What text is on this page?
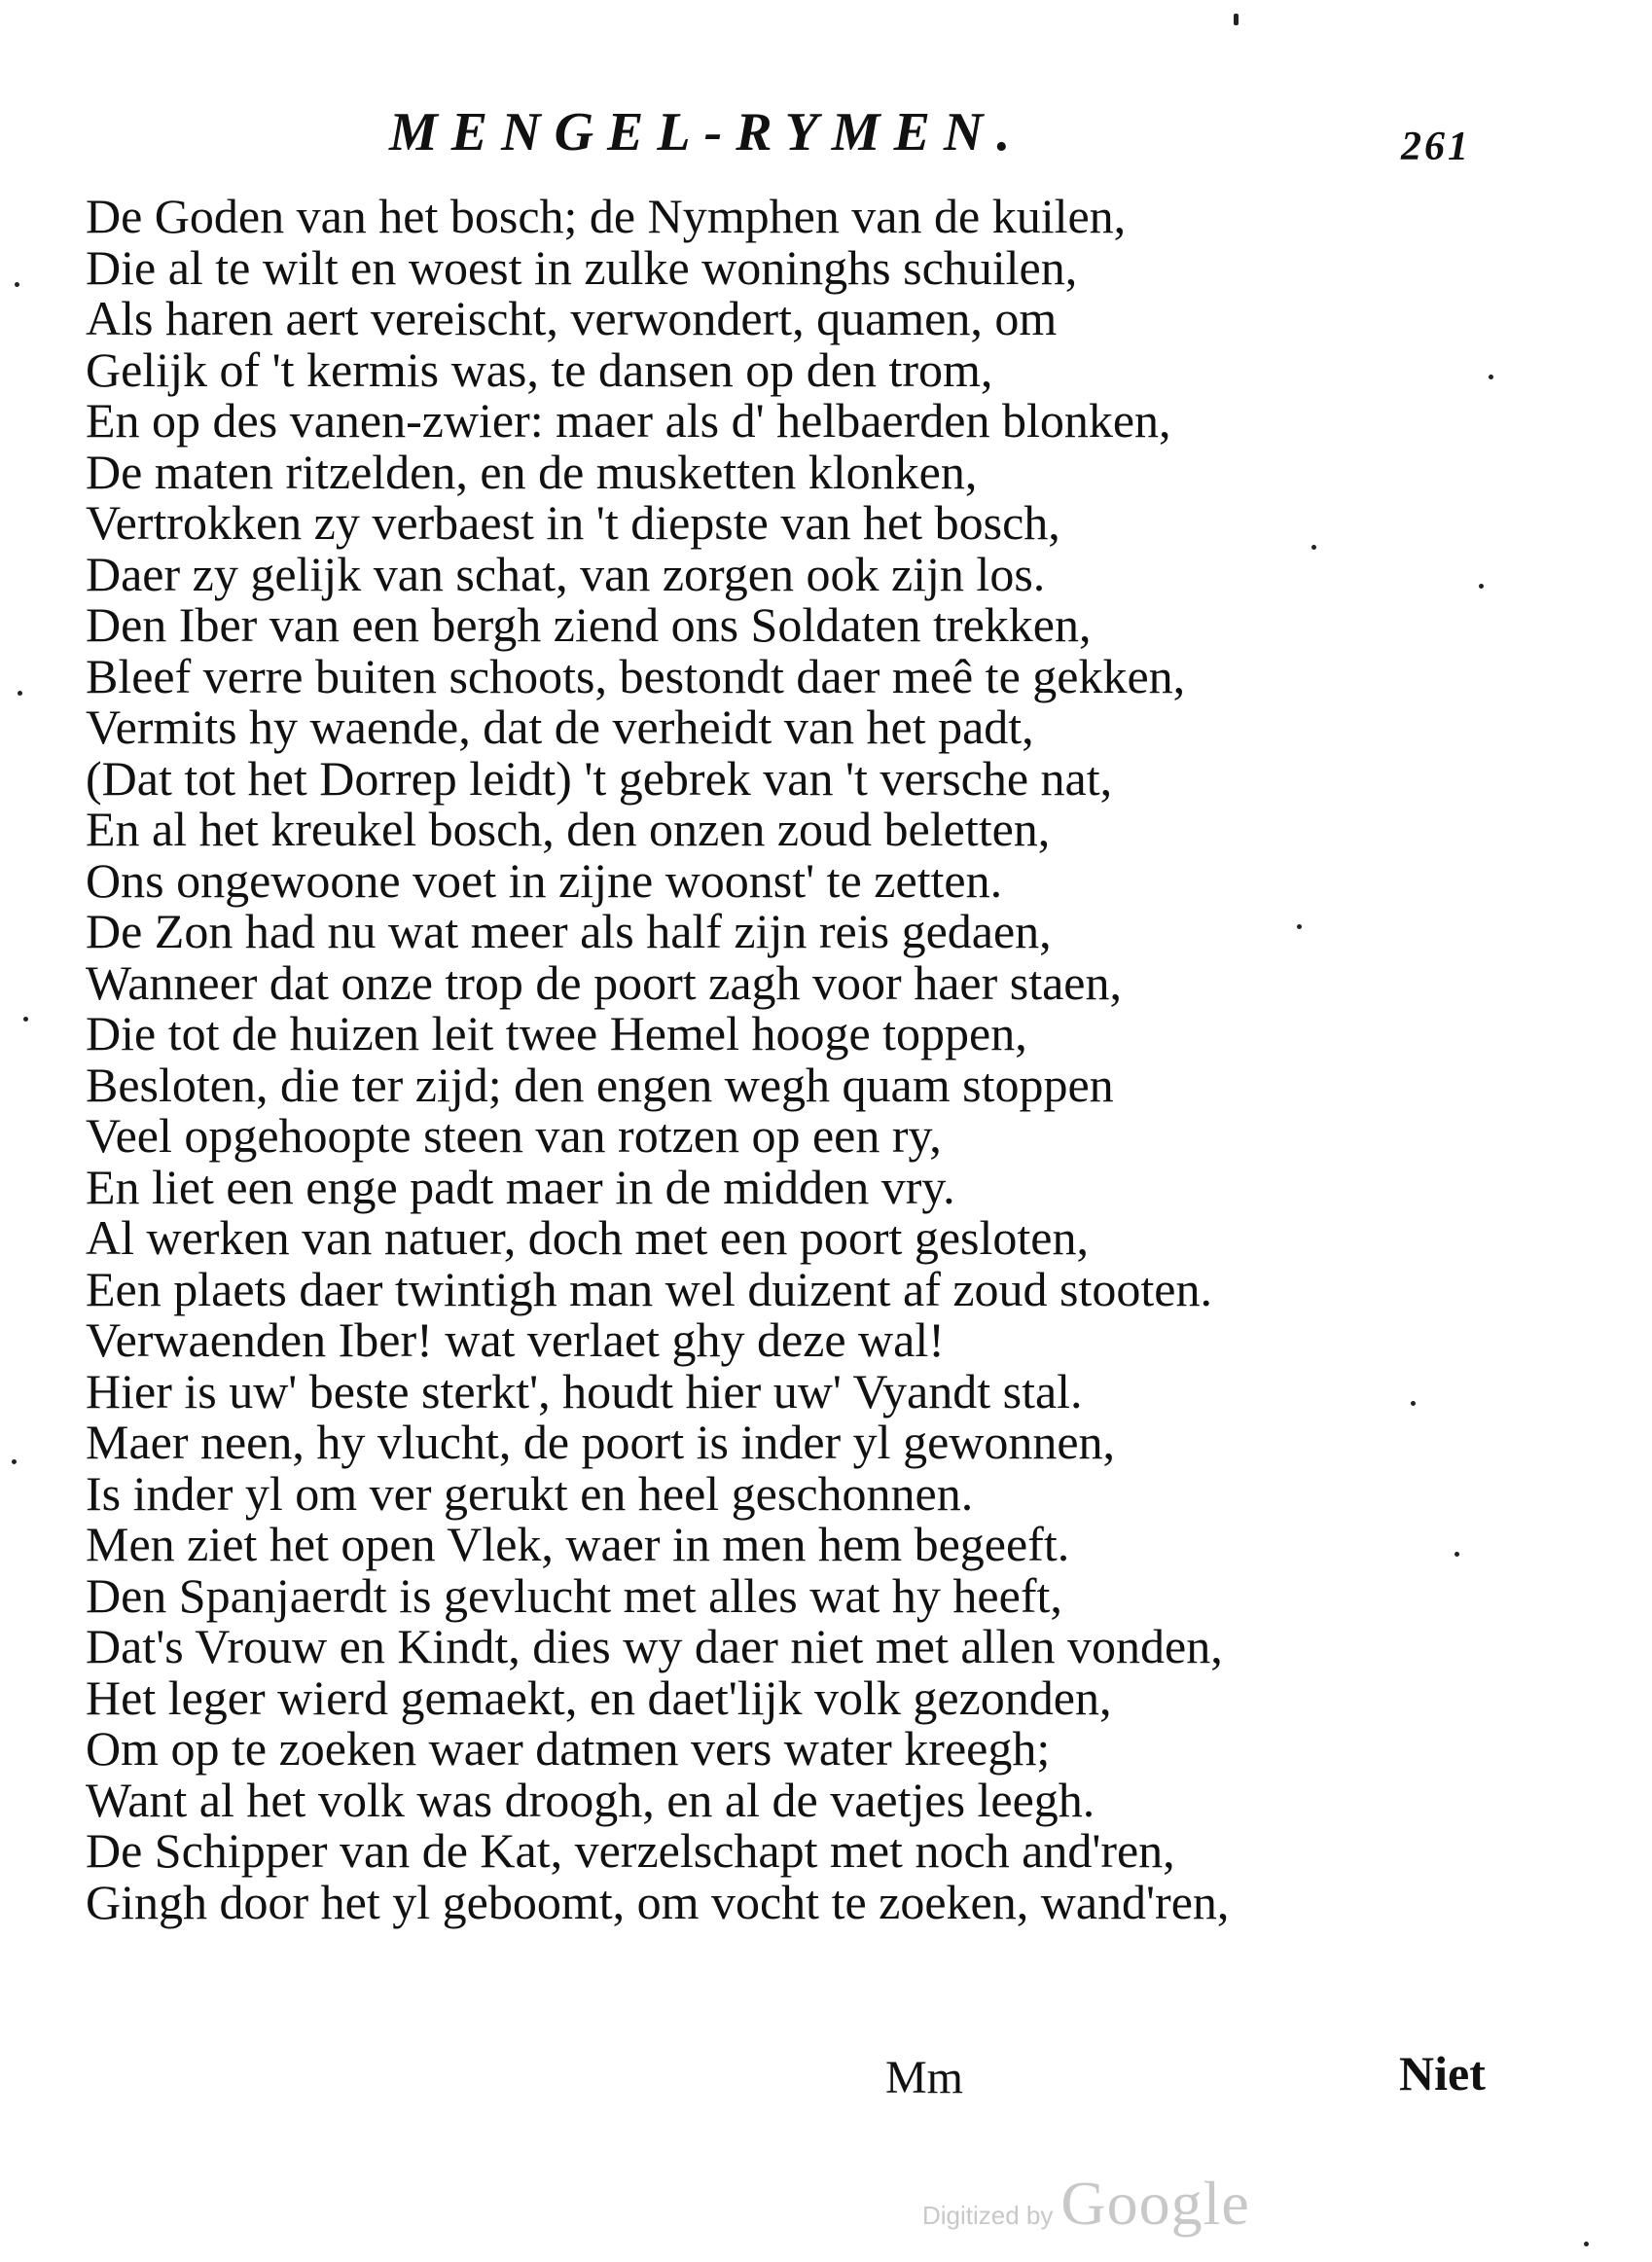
MENGEL-RYMEN.	261
De Goden van het bosch; de Nymphen van de kuilen,
Die al te wilt en woest in zulke woninghs schuilen,
Als haren aert vereischt, verwondert, quamen, om
Gelijk of 't kermis was, te dansen op den trom,
En op des vanen-zwier: maer als d' helbaerden blonken,
De maten ritzelden, en de musketten klonken,
Vertrokken zy verbaest in 't diepste van het bosch,
Daer zy gelijk van schat, van zorgen ook zijn los.
Den Iber van een bergh ziend ons Soldaten trekken,
Bleef verre buiten schoots, bestondt daer meê te gekken,
Vermits hy waende, dat de verheidt van het padt,
(Dat tot het Dorrep leidt) 't gebrek van 't versche nat,
En al het kreukel bosch, den onzen zoud beletten,
Ons ongewoone voet in zijne woonst' te zetten.
De Zon had nu wat meer als half zijn reis gedaen,
Wanneer dat onze trop de poort zagh voor haer staen,
Die tot de huizen leit twee Hemel hooge toppen,
Besloten, die ter zijd; den engen wegh quam stoppen
Veel opgehoopte steen van rotzen op een ry,
En liet een enge padt maer in de midden vry.
Al werken van natuer, doch met een poort gesloten,
Een plaets daer twintigh man wel duizent af zoud stooten.
Verwaenden Iber! wat verlaet ghy deze wal!
Hier is uw' beste sterkt', houdt hier uw' Vyandt stal.
Maer neen, hy vlucht, de poort is inder yl gewonnen,
Is inder yl om ver gerukt en heel geschonnen.
Men ziet het open Vlek, waer in men hem begeeft.
Den Spanjaerdt is gevlucht met alles wat hy heeft,
Dat's Vrouw en Kindt, dies wy daer niet met allen vonden,
Het leger wierd gemaekt, en daet'lijk volk gezonden,
Om op te zoeken waer datmen vers water kreegh;
Want al het volk was droogh, en al de vaetjes leegh.
De Schipper van de Kat, verzelschapt met noch and'ren,
Gingh door het yl geboomt, om vocht te zoeken, wand'ren,
Mm	Niet
Digitized by Google
